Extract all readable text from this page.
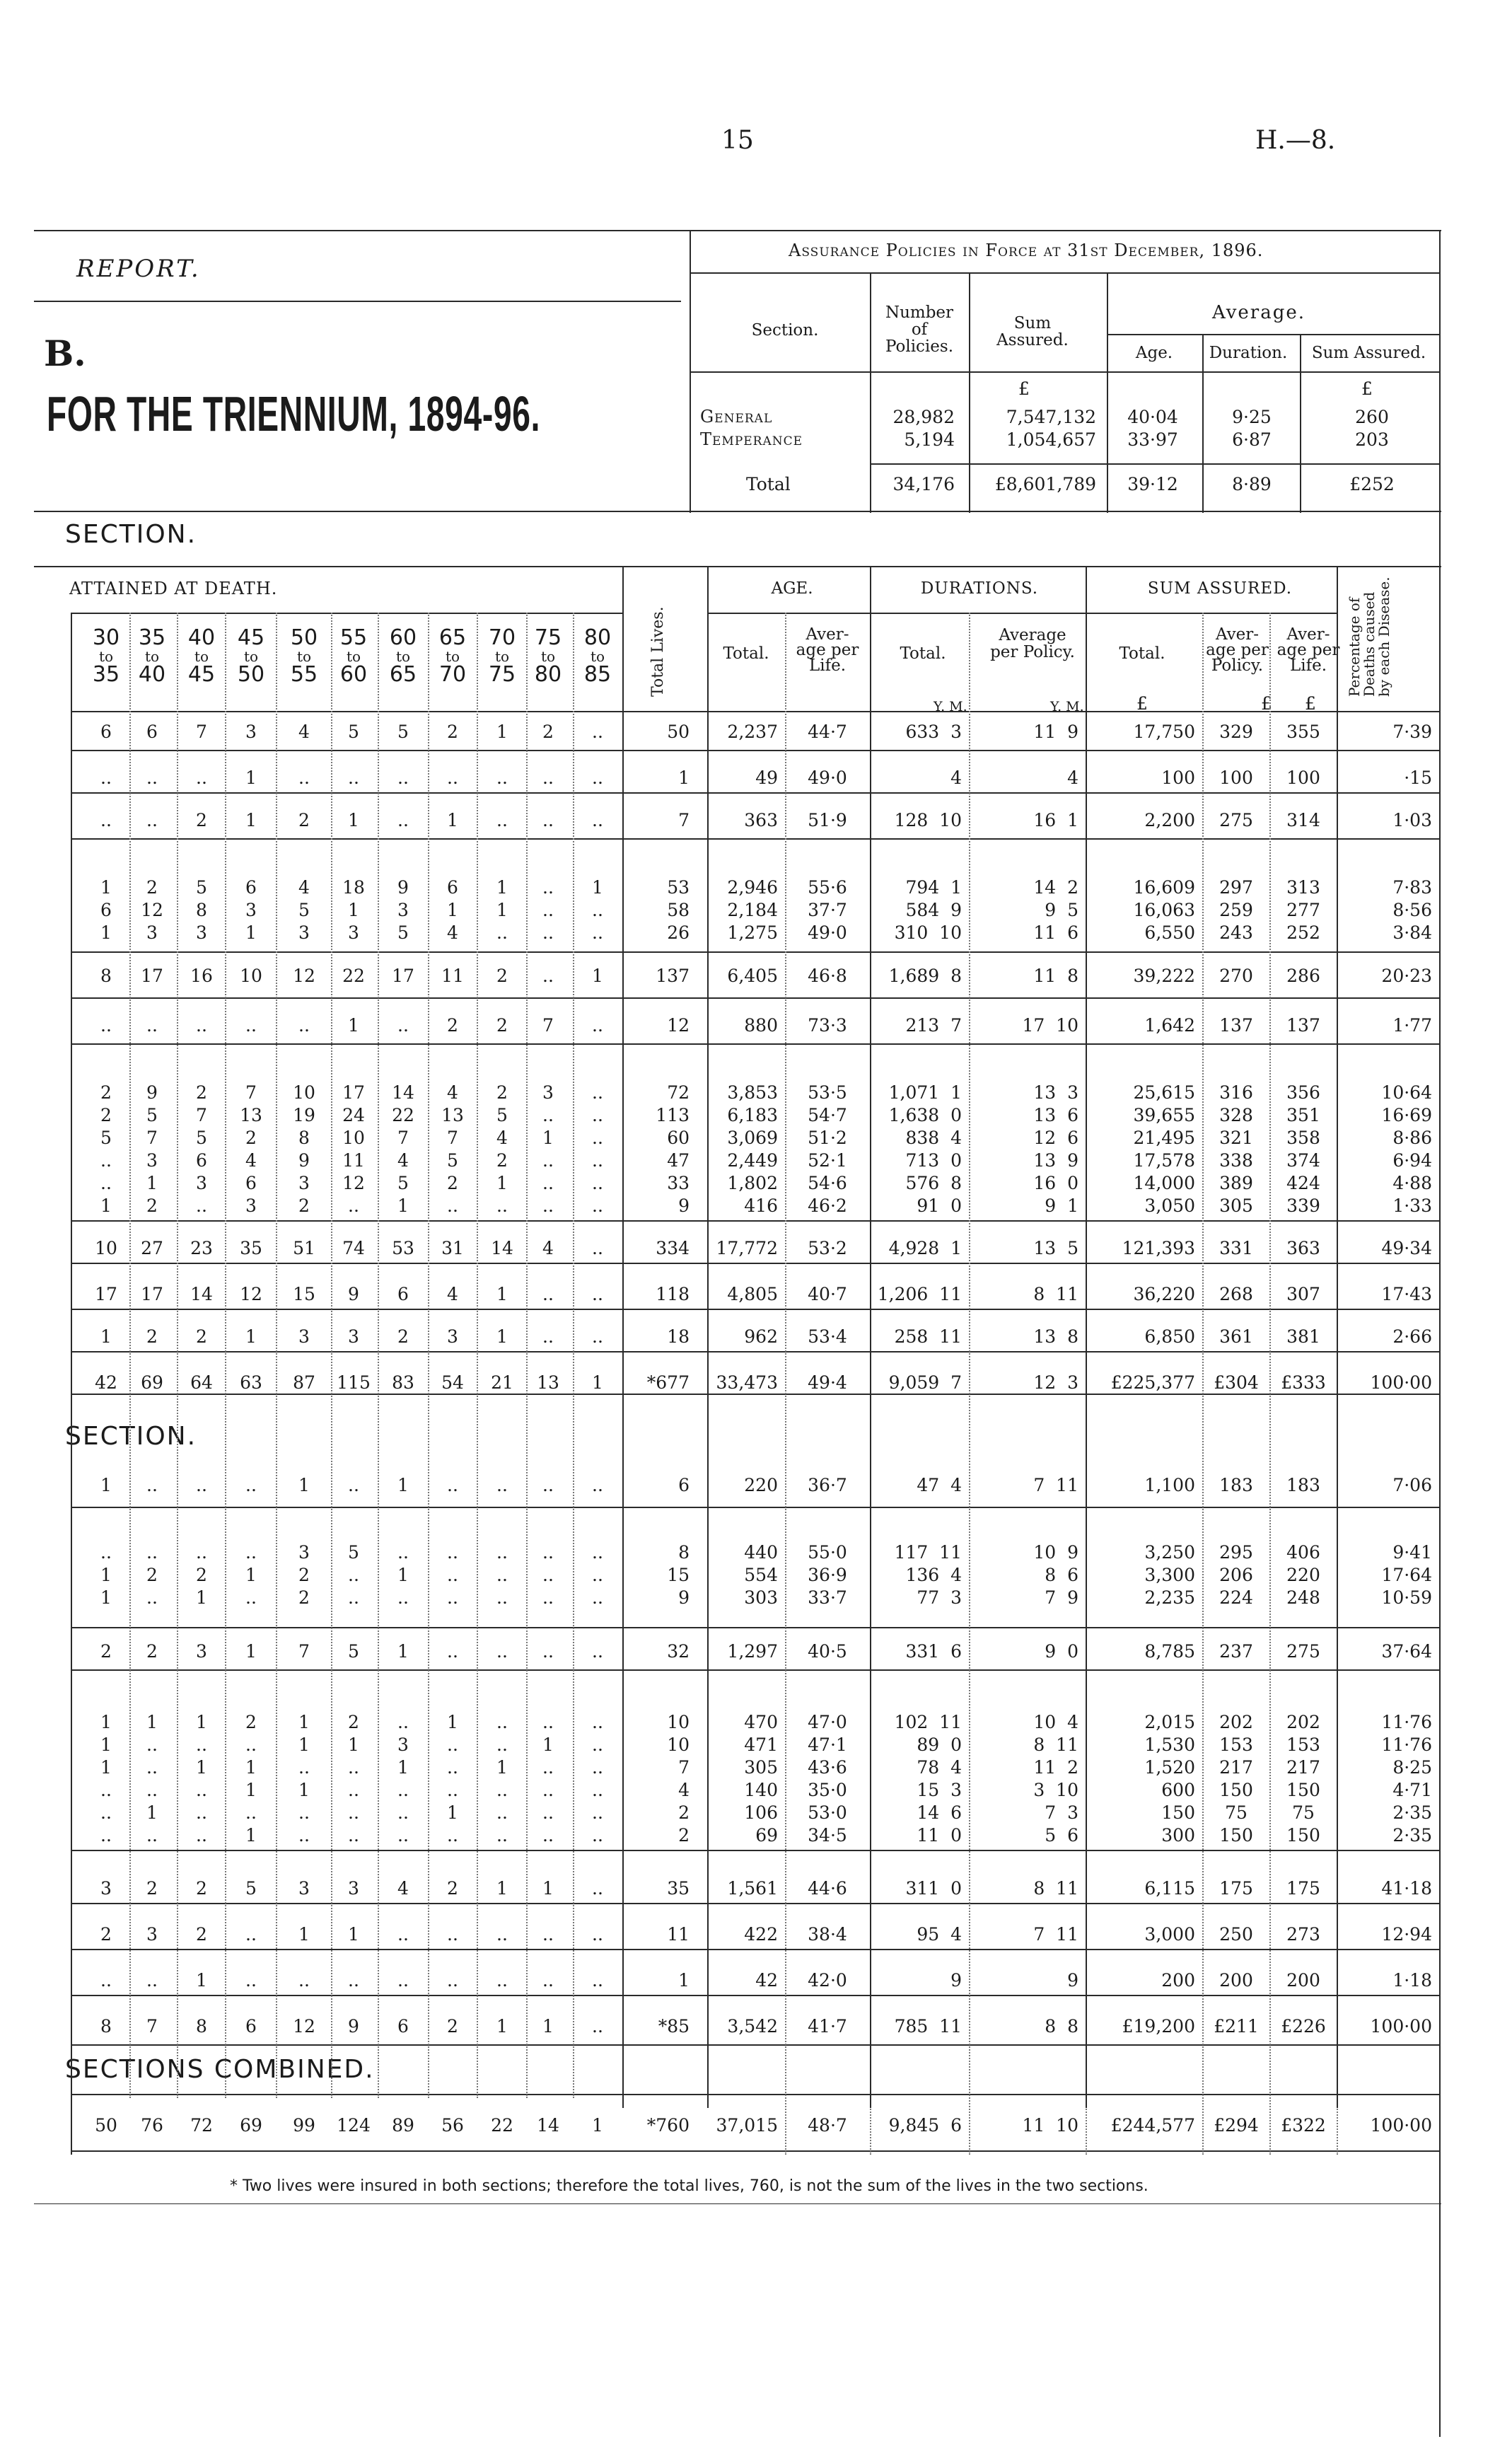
15	H.—8.
REPORT.
B.
FOR THE TRIENNIUM, 1894-96.
Assurance Policies in Force at 31st December, 1896.
Section.
Number of Policies.
Sum Assured.
Average.
Age.	Duration.	Sum Assured.
£	£
SECTION.
SECTION.
SECTIONS COMBINED.
ATTAINED AT DEATH.	AGE.	DURATIONS.	SUM ASSURED.
Total Lives.	Percentage of Deaths caused by each Disease.
Total.
Aver- age per Life.
Total.
Average per Policy.	Total.
Aver- age per Policy.
Aver- age per Life.
Y. M.	Y. M.	£	£ £
* Two lives were insured in both sections; therefore the total lives, 760, is not the sum of the lives in the two sections.
General	28,982	7,547,132	40·04	9·25	260
Temperance	5,194	1,054,657	33·97	6·87	203
Total	34,176	£8,601,789	39·12	8·89	£252
30
to
35
35
to
40
40
to
45
45
to
50
50
to
55
55
to
60
60
to
65
65
to
70
70
to
75
75
to
80
80
to
85
6	6	7	3	4	5	5	2	1	2	..	50	2,237	44·7	633  3	11  9	17,750	329	355	7·39
..	..	..	1	..	..	..	..	..	..	..	1	49	49·0	4	4	100	100	100	·15
..	..	2	1	2	1	..	1	..	..	..	7	363	51·9	128  10	16  1	2,200	275	314	1·03
1	2	5	6	4	18	9	6	1	..	1	53	2,946	55·6	794  1	14  2	16,609	297	313	7·83
6	12	8	3	5	1	3	1	1	..	..	58	2,184	37·7	584  9	9  5	16,063	259	277	8·56
1	3	3	1	3	3	5	4	..	..	..	26	1,275	49·0	310  10	11  6	6,550	243	252	3·84
8	17	16	10	12	22	17	11	2	..	1	137	6,405	46·8	1,689  8	11  8	39,222	270	286	20·23
..	..	..	..	..	1	..	2	2	7	..	12	880	73·3	213  7	17  10	1,642	137	137	1·77
2	9	2	7	10	17	14	4	2	3	..	72	3,853	53·5	1,071  1	13  3	25,615	316	356	10·64
2	5	7	13	19	24	22	13	5	..	..	113	6,183	54·7	1,638  0	13  6	39,655	328	351	16·69
5	7	5	2	8	10	7	7	4	1	..	60	3,069	51·2	838  4	12  6	21,495	321	358	8·86
..	3	6	4	9	11	4	5	2	..	..	47	2,449	52·1	713  0	13  9	17,578	338	374	6·94
..	1	3	6	3	12	5	2	1	..	..	33	1,802	54·6	576  8	16  0	14,000	389	424	4·88
1	2	..	3	2	..	1	..	..	..	..	9	416	46·2	91  0	9  1	3,050	305	339	1·33
10	27	23	35	51	74	53	31	14	4	..	334	17,772	53·2	4,928  1	13  5	121,393	331	363	49·34
17	17	14	12	15	9	6	4	1	..	..	118	4,805	40·7	1,206  11	8  11	36,220	268	307	17·43
1	2	2	1	3	3	2	3	1	..	..	18	962	53·4	258  11	13  8	6,850	361	381	2·66
42	69	64	63	87	115	83	54	21	13	1	*677	33,473	49·4	9,059  7	12  3	£225,377	£304	£333	100·00
1	..	..	..	1	..	1	..	..	..	..	6	220	36·7	47  4	7  11	1,100	183	183	7·06
..	..	..	..	3	5	..	..	..	..	..	8	440	55·0	117  11	10  9	3,250	295	406	9·41
1	2	2	1	2	..	1	..	..	..	..	15	554	36·9	136  4	8  6	3,300	206	220	17·64
1	..	1	..	2	..	..	..	..	..	..	9	303	33·7	77  3	7  9	2,235	224	248	10·59
2	2	3	1	7	5	1	..	..	..	..	32	1,297	40·5	331  6	9  0	8,785	237	275	37·64
1	1	1	2	1	2	..	1	..	..	..	10	470	47·0	102  11	10  4	2,015	202	202	11·76
1	..	..	..	1	1	3	..	..	1	..	10	471	47·1	89  0	8  11	1,530	153	153	11·76
1	..	1	1	..	..	1	..	1	..	..	7	305	43·6	78  4	11  2	1,520	217	217	8·25
..	..	..	1	1	..	..	..	..	..	..	4	140	35·0	15  3	3  10	600	150	150	4·71
..	1	..	..	..	..	..	1	..	..	..	2	106	53·0	14  6	7  3	150	75	75	2·35
..	..	..	1	..	..	..	..	..	..	..	2	69	34·5	11  0	5  6	300	150	150	2·35
3	2	2	5	3	3	4	2	1	1	..	35	1,561	44·6	311  0	8  11	6,115	175	175	41·18
2	3	2	..	1	1	..	..	..	..	..	11	422	38·4	95  4	7  11	3,000	250	273	12·94
..	..	1	..	..	..	..	..	..	..	..	1	42	42·0	9	9	200	200	200	1·18
8	7	8	6	12	9	6	2	1	1	..	*85	3,542	41·7	785  11	8  8	£19,200	£211	£226	100·00
50	76	72	69	99	124	89	56	22	14	1	*760	37,015	48·7	9,845  6	11  10	£244,577	£294	£322	100·00
